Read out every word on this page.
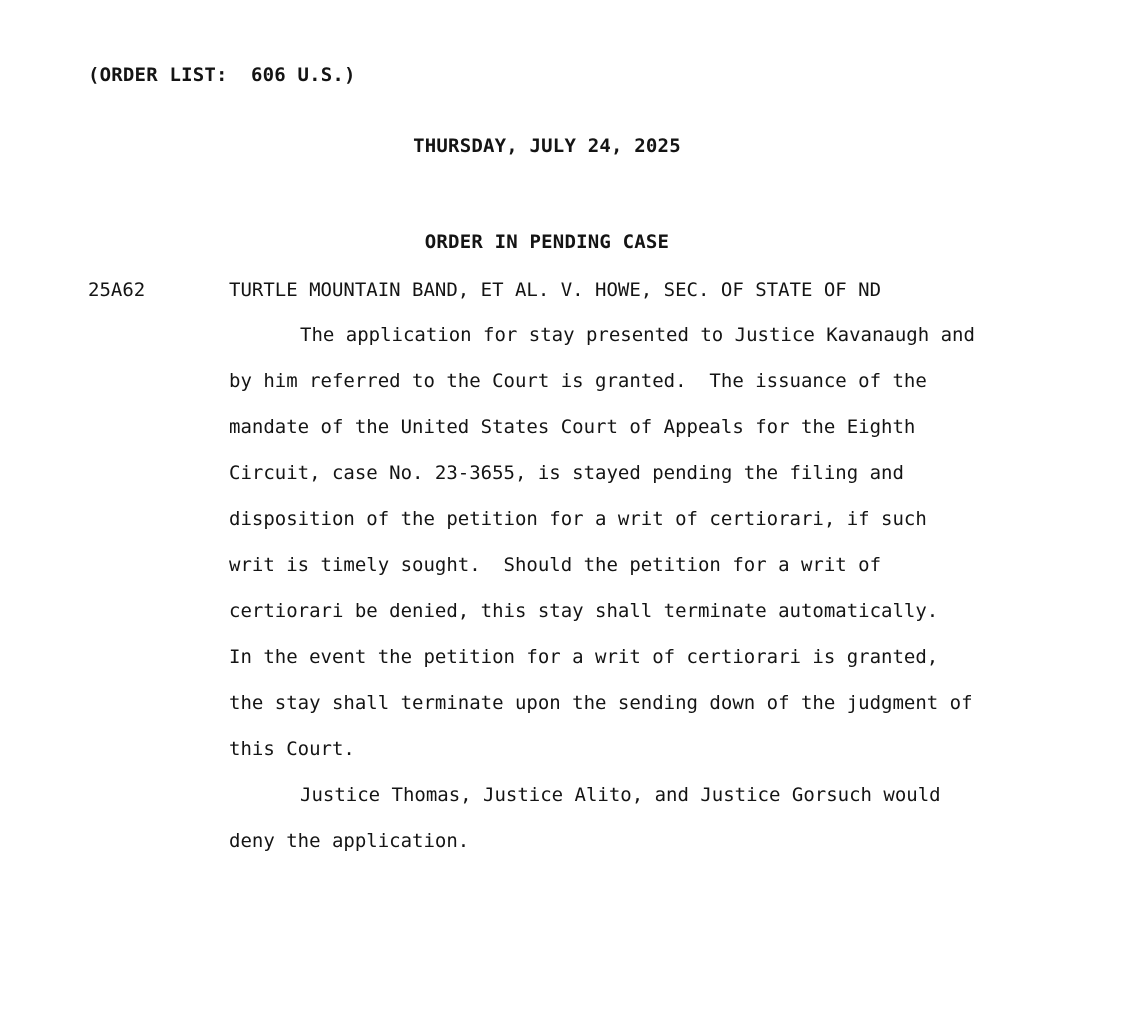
(ORDER LIST:  606 U.S.)
THURSDAY, JULY 24, 2025
ORDER IN PENDING CASE
25A62	TURTLE MOUNTAIN BAND, ET AL. V. HOWE, SEC. OF STATE OF ND
The application for stay presented to Justice Kavanaugh and
by him referred to the Court is granted.  The issuance of the
mandate of the United States Court of Appeals for the Eighth
Circuit, case No. 23-3655, is stayed pending the filing and
disposition of the petition for a writ of certiorari, if such
writ is timely sought.  Should the petition for a writ of
certiorari be denied, this stay shall terminate automatically.
In the event the petition for a writ of certiorari is granted,
the stay shall terminate upon the sending down of the judgment of
this Court.
Justice Thomas, Justice Alito, and Justice Gorsuch would
deny the application.
